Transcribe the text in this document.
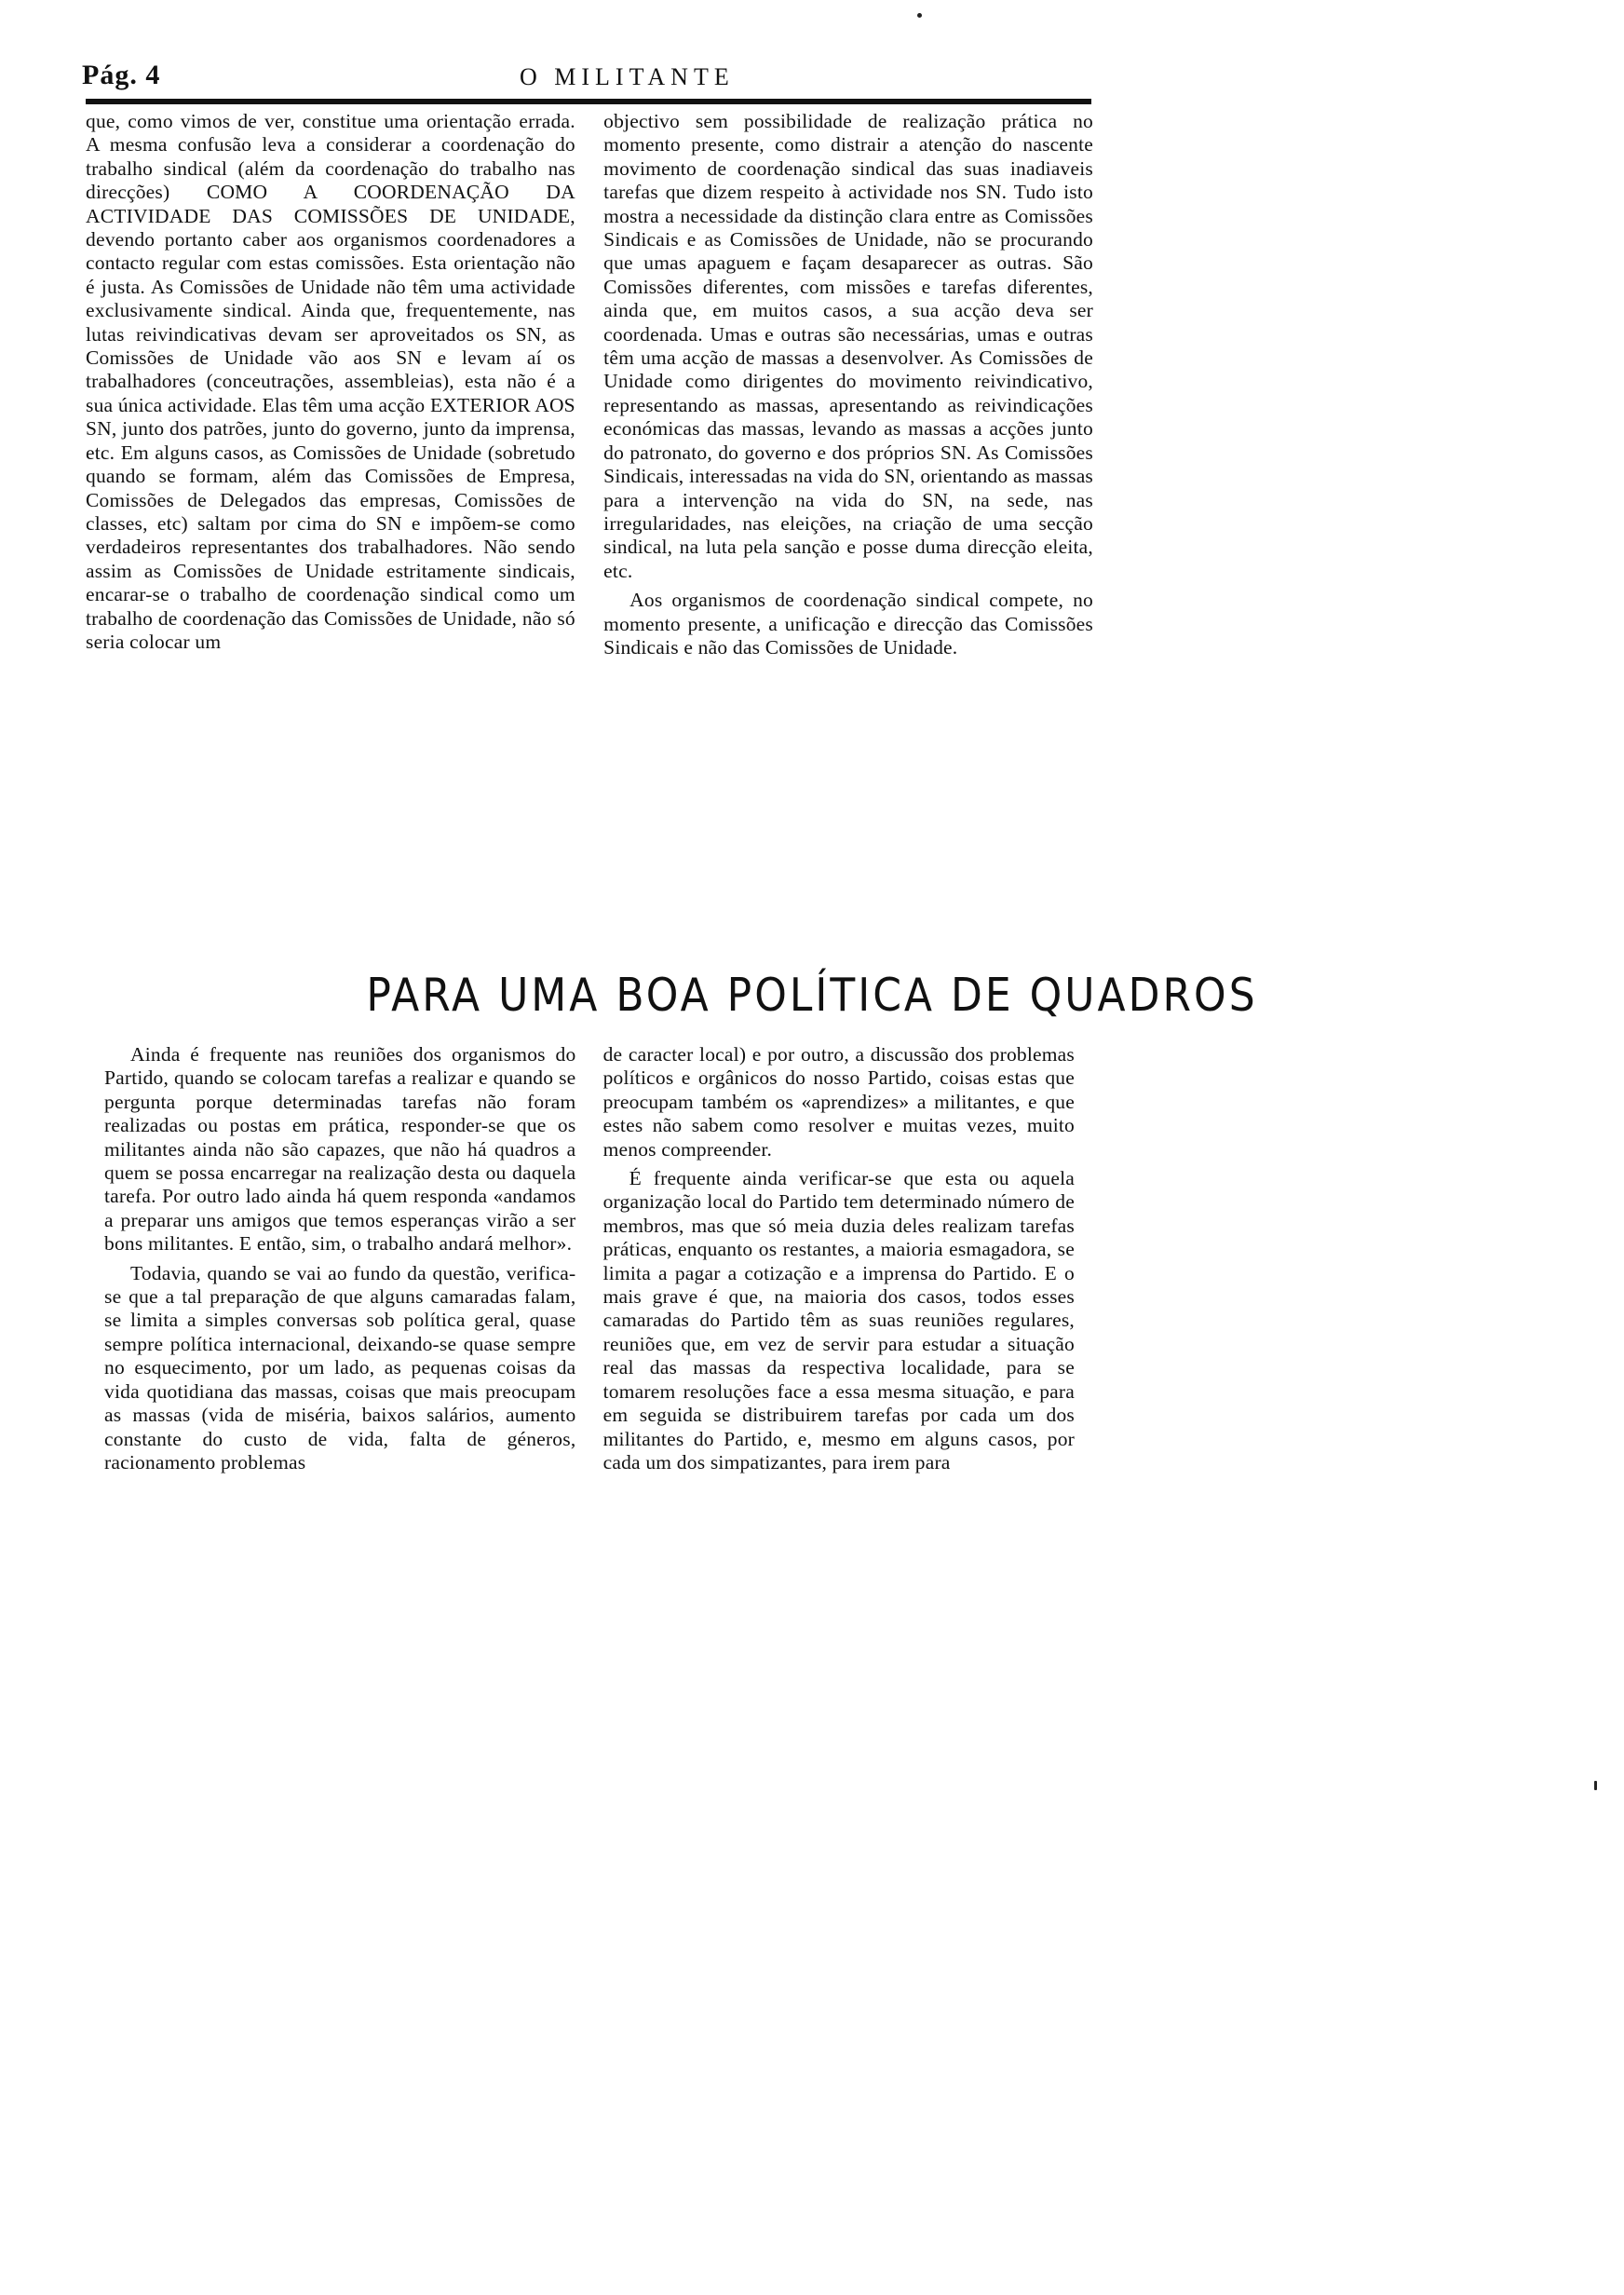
Pág. 4	O MILITANTE

que, como vimos de ver, constitue uma orientação errada. A mesma confusão leva a considerar a coordenação do trabalho sindical (além da coordenação do trabalho nas direcções) COMO A COORDENAÇÃO DA ACTIVIDADE DAS COMISSÕES DE UNIDADE, devendo portanto caber aos organismos coordenadores a contacto regular com estas comissões. Esta orientação não é justa. As Comissões de Unidade não têm uma actividade exclusivamente sindical. Ainda que, frequentemente, nas lutas reivindicativas devam ser aproveitados os SN, as Comissões de Unidade vão aos SN e levam aí os trabalhadores (conceutrações, assembleias), esta não é a sua única actividade. Elas têm uma acção EXTERIOR AOS SN, junto dos patrões, junto do governo, junto da imprensa, etc. Em alguns casos, as Comissões de Unidade (sobretudo quando se formam, além das Comissões de Empresa, Comissões de Delegados das empresas, Comissões de classes, etc) saltam por cima do SN e impõem-se como verdadeiros representantes dos trabalhadores. Não sendo assim as Comissões de Unidade estritamente sindicais, encarar-se o trabalho de coordenação sindical como um trabalho de coordenação das Comissões de Unidade, não só seria colocar um

objectivo sem possibilidade de realização prática no momento presente, como distrair a atenção do nascente movimento de coordenação sindical das suas inadiaveis tarefas que dizem respeito à actividade nos SN. Tudo isto mostra a necessidade da distinção clara entre as Comissões Sindicais e as Comissões de Unidade, não se procurando que umas apaguem e façam desaparecer as outras. São Comissões diferentes, com missões e tarefas diferentes, ainda que, em muitos casos, a sua acção deva ser coordenada. Umas e outras são necessárias, umas e outras têm uma acção de massas a desenvolver. As Comissões de Unidade como dirigentes do movimento reivindicativo, representando as massas, apresentando as reivindicações económicas das massas, levando as massas a acções junto do patronato, do governo e dos próprios SN. As Comissões Sindicais, interessadas na vida do SN, orientando as massas para a intervenção na vida do SN, na sede, nas irregularidades, nas eleições, na criação de uma secção sindical, na luta pela sanção e posse duma direcção eleita, etc.

Aos organismos de coordenação sindical compete, no momento presente, a unificação e direcção das Comissões Sindicais e não das Comissões de Unidade.

PARA UMA BOA POLÍTICA DE QUADROS

Ainda é frequente nas reuniões dos organismos do Partido, quando se colocam tarefas a realizar e quando se pergunta porque determinadas tarefas não foram realizadas ou postas em prática, responder-se que os militantes ainda não são capazes, que não há quadros a quem se possa encarregar na realização desta ou daquela tarefa. Por outro lado ainda há quem responda «andamos a preparar uns amigos que temos esperanças virão a ser bons militantes. E então, sim, o trabalho andará melhor».

Todavia, quando se vai ao fundo da questão, verifica-se que a tal preparação de que alguns camaradas falam, se limita a simples conversas sob política geral, quase sempre política internacional, deixando-se quase sempre no esquecimento, por um lado, as pequenas coisas da vida quotidiana das massas, coisas que mais preocupam as massas (vida de miséria, baixos salários, aumento constante do custo de vida, falta de géneros, racionamento problemas

de caracter local) e por outro, a discussão dos problemas políticos e orgânicos do nosso Partido, coisas estas que preocupam também os «aprendizes» a militantes, e que estes não sabem como resolver e muitas vezes, muito menos compreender.

É frequente ainda verificar-se que esta ou aquela organização local do Partido tem determinado número de membros, mas que só meia duzia deles realizam tarefas práticas, enquanto os restantes, a maioria esmagadora, se limita a pagar a cotização e a imprensa do Partido. E o mais grave é que, na maioria dos casos, todos esses camaradas do Partido têm as suas reuniões regulares, reuniões que, em vez de servir para estudar a situação real das massas da respectiva localidade, para se tomarem resoluções face a essa mesma situação, e para em seguida se distribuirem tarefas por cada um dos militantes do Partido, e, mesmo em alguns casos, por cada um dos simpatizantes, para irem para
